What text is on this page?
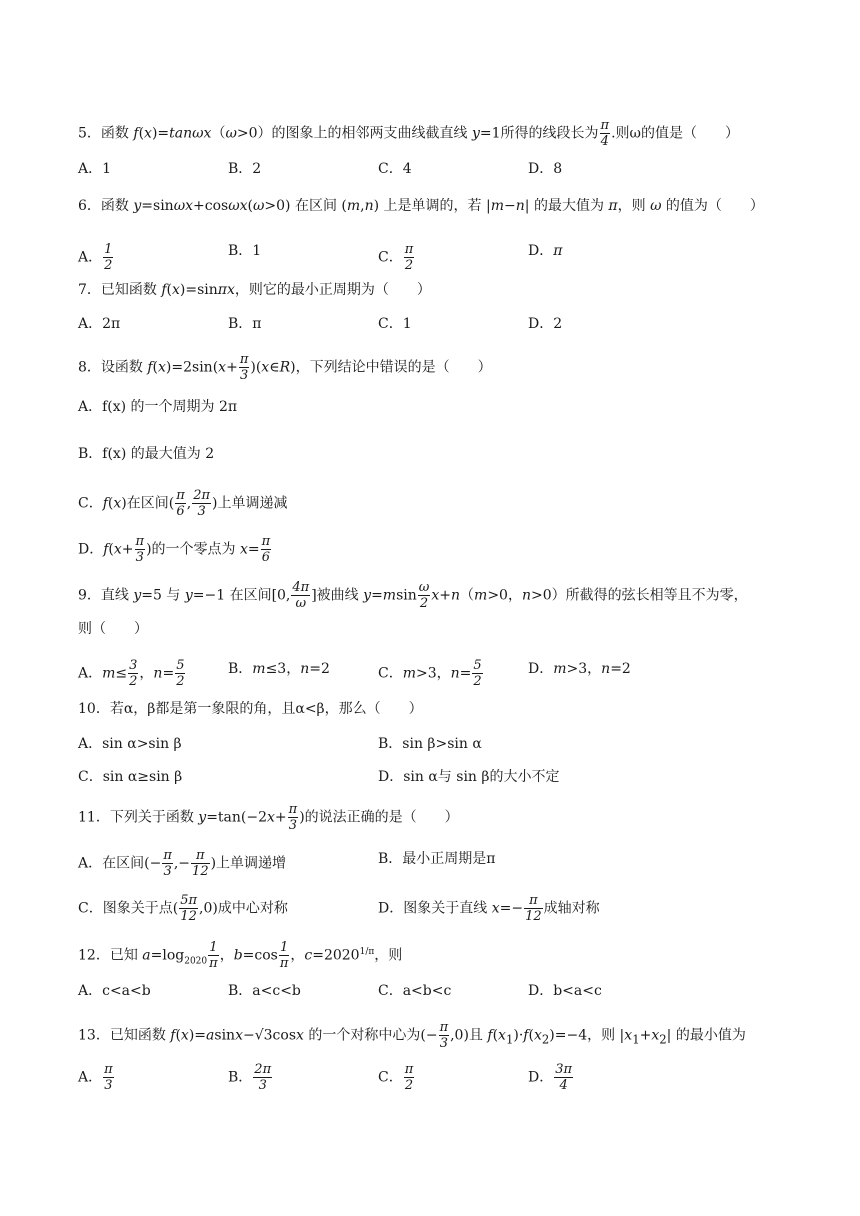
5．函数 f(x)=tanωx（ω>0）的图象上的相邻两支曲线截直线 y=1所得的线段长为 $\frac{\pi}{4}$ .则ω的值是（　　）
A．1	B．2	C．4	D．8
6．函数 y=sinωx+cosωx(ω>0) 在区间 (m,n) 上是单调的，若 |m−n| 的最大值为 π，则 ω 的值为（　　）
A． $\frac{1}{2}$	B．1	C． $\frac{\pi}{2}$	D．π
7．已知函数 f(x)=sinπx，则它的最小正周期为（　　）
A．2π	B．π	C．1	D．2
8．设函数 $f(x)=2\sin(x+ \frac{\pi}{3}$ )(x∈R)，下列结论中错误的是（　　）
A．f(x) 的一个周期为 2π
B．f(x) 的最大值为 2
C．f(x)在区间( $\frac{\pi}{6}$ , $\frac{2\pi}{3}$ )上单调递减
D．$f(x+ \frac{\pi}{3}$ )的一个零点为 $x= \frac{\pi}{6}$
9．直线 y=5 与 y=−1 在区间[0, $\frac{4\pi}{\omega}$ ]被曲线 $y=msin \frac{\omega}{2} x+n(m>0$，n>0）所截得的弦长相等且不为零，
则（　　）
A．$m\le \frac{3}{2}$ ，$n= \frac{5}{2}$	B．m≤3，n=2	C．m>3，$n= \frac{5}{2}$	D．m>3，n=2
10．若α，β都是第一象限的角，且α<β，那么（　　）
A．sin α>sin β	B．sin β>sin α
C．sin α≥sin β	D．sin α与 sin β的大小不定
11．下列关于函数 $y=\tan(-2x+ \frac{\pi}{3}$ )的说法正确的是（　　）
A．在区间(− $\frac{\pi}{3}$ ,− $\frac{\pi}{12}$ )上单调递增	B．最小正周期是π
C．图象关于点( $\frac{5\pi}{12} ,0$)成中心对称	D．图象关于直线 $x=- \frac{\pi}{12}$ 成轴对称
12．已知 $a=\log_{2020} \frac{1}{\pi}$ ，$b=\cos \frac{1}{\pi}$ ，$c=2020^{1/\pi}$，则
A．c<a<b	B．a<c<b	C．a<b<c	D．b<a<c
13．已知函数 f(x)=asinx−√3cosx 的一个对称中心为(− $\frac{\pi}{3} ,0$)且 $f(x_1)\cdot f(x_2)=-4$，则 $|x_1+x_2|$ 的最小值为
A． $\frac{\pi}{3}$	B． $\frac{2\pi}{3}$	C． $\frac{\pi}{2}$	D． $\frac{3\pi}{4}$
